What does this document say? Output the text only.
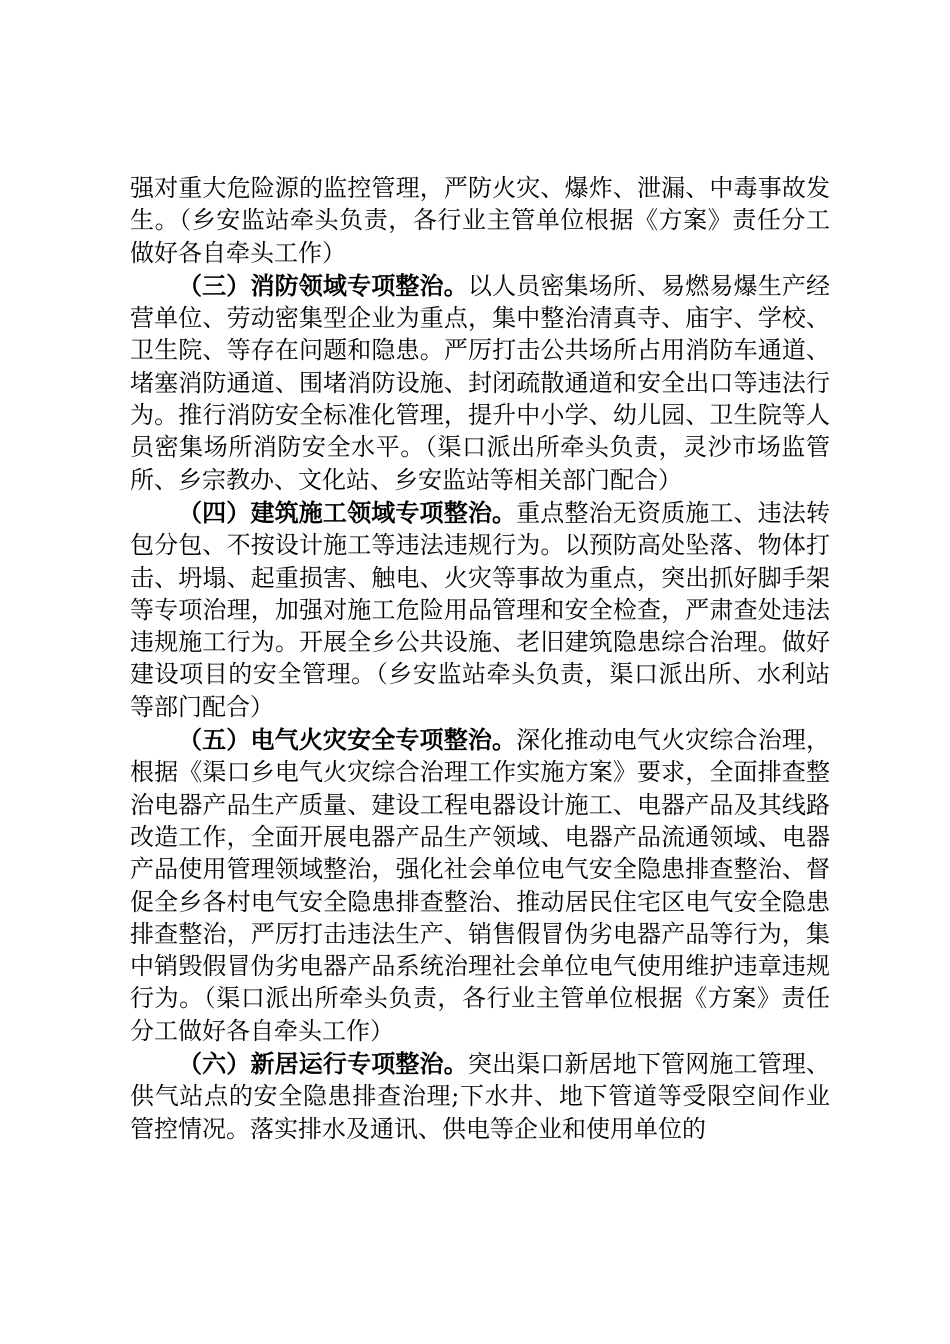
强对重大危险源的监控管理，严防火灾、爆炸、泄漏、中毒事故发生。（乡安监站牵头负责，各行业主管单位根据《方案》责任分工做好各自牵头工作）

（三）消防领域专项整治。以人员密集场所、易燃易爆生产经营单位、劳动密集型企业为重点，集中整治清真寺、庙宇、学校、卫生院、等存在问题和隐患。严厉打击公共场所占用消防车通道、堵塞消防通道、围堵消防设施、封闭疏散通道和安全出口等违法行为。推行消防安全标准化管理，提升中小学、幼儿园、卫生院等人员密集场所消防安全水平。（渠口派出所牵头负责，灵沙市场监管所、乡宗教办、文化站、乡安监站等相关部门配合）

（四）建筑施工领域专项整治。重点整治无资质施工、违法转包分包、不按设计施工等违法违规行为。以预防高处坠落、物体打击、坍塌、起重损害、触电、火灾等事故为重点，突出抓好脚手架等专项治理，加强对施工危险用品管理和安全检查，严肃查处违法违规施工行为。开展全乡公共设施、老旧建筑隐患综合治理。做好建设项目的安全管理。（乡安监站牵头负责，渠口派出所、水利站等部门配合）

（五）电气火灾安全专项整治。深化推动电气火灾综合治理，根据《渠口乡电气火灾综合治理工作实施方案》要求，全面排查整治电器产品生产质量、建设工程电器设计施工、电器产品及其线路改造工作，全面开展电器产品生产领域、电器产品流通领域、电器产品使用管理领域整治，强化社会单位电气安全隐患排查整治、督促全乡各村电气安全隐患排查整治、推动居民住宅区电气安全隐患排查整治，严厉打击违法生产、销售假冒伪劣电器产品等行为，集中销毁假冒伪劣电器产品系统治理社会单位电气使用维护违章违规行为。（渠口派出所牵头负责，各行业主管单位根据《方案》责任分工做好各自牵头工作）

（六）新居运行专项整治。突出渠口新居地下管网施工管理、供气站点的安全隐患排查治理;下水井、地下管道等受限空间作业管控情况。落实排水及通讯、供电等企业和使用单位的
